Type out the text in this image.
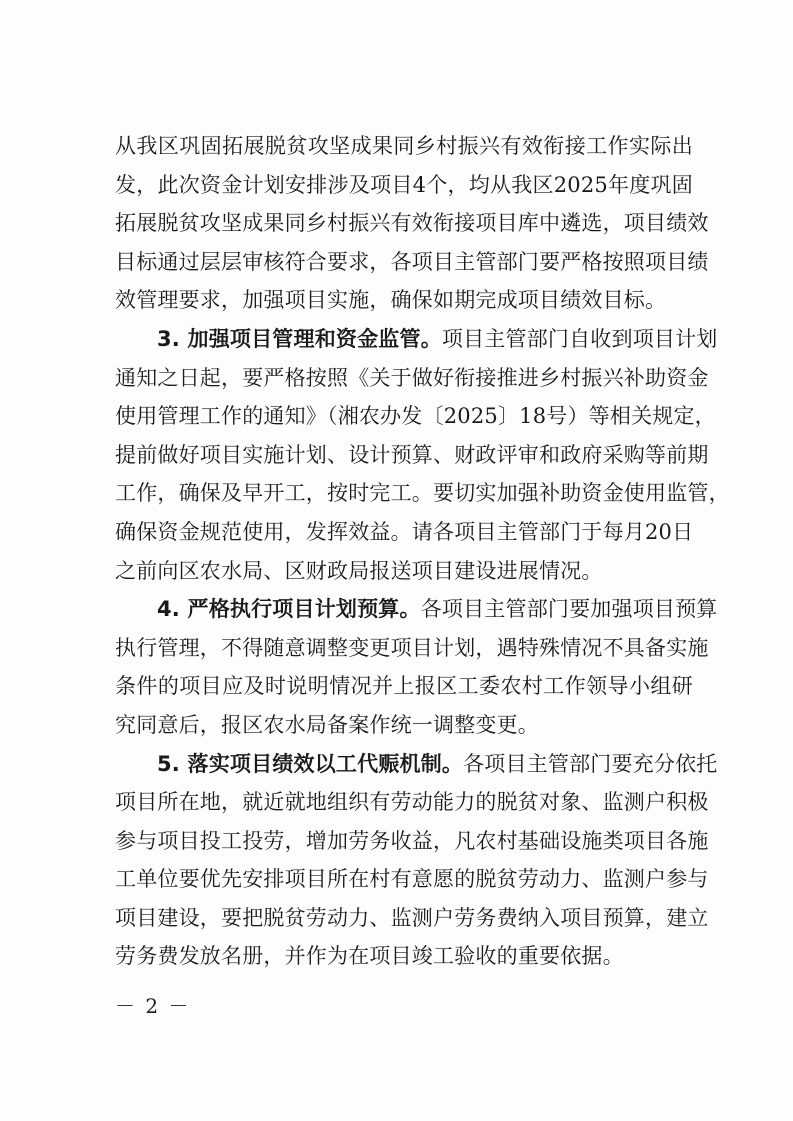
从我区巩固拓展脱贫攻坚成果同乡村振兴有效衔接工作实际出
发，此次资金计划安排涉及项目4个，均从我区2025年度巩固
拓展脱贫攻坚成果同乡村振兴有效衔接项目库中遴选，项目绩效
目标通过层层审核符合要求，各项目主管部门要严格按照项目绩
效管理要求，加强项目实施，确保如期完成项目绩效目标。

3. 加强项目管理和资金监管。项目主管部门自收到项目计划
通知之日起，要严格按照《关于做好衔接推进乡村振兴补助资金
使用管理工作的通知》（湘农办发〔2025〕18号）等相关规定，
提前做好项目实施计划、设计预算、财政评审和政府采购等前期
工作，确保及早开工，按时完工。要切实加强补助资金使用监管，
确保资金规范使用，发挥效益。请各项目主管部门于每月20日
之前向区农水局、区财政局报送项目建设进展情况。

4. 严格执行项目计划预算。各项目主管部门要加强项目预算
执行管理，不得随意调整变更项目计划，遇特殊情况不具备实施
条件的项目应及时说明情况并上报区工委农村工作领导小组研
究同意后，报区农水局备案作统一调整变更。

5. 落实项目绩效以工代赈机制。各项目主管部门要充分依托
项目所在地，就近就地组织有劳动能力的脱贫对象、监测户积极
参与项目投工投劳，增加劳务收益，凡农村基础设施类项目各施
工单位要优先安排项目所在村有意愿的脱贫劳动力、监测户参与
项目建设，要把脱贫劳动力、监测户劳务费纳入项目预算，建立
劳务费发放名册，并作为在项目竣工验收的重要依据。

－ 2 －
